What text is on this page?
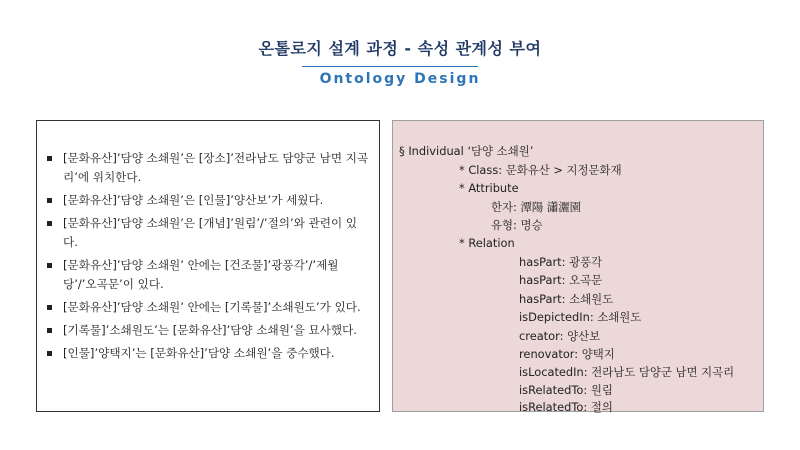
온톨로지 설계 과정 - 속성 관계성 부여
Ontology Design
[문화유산]’담양 소쇄원’은 [장소]’전라남도 담양군 남면 지곡리’에 위치한다.
[문화유산]’담양 소쇄원’은 [인물]’양산보’가 세웠다.
[문화유산]’담양 소쇄원’은 [개념]’원림’/’절의’와 관련이 있다.
[문화유산]’담양 소쇄원’ 안에는 [건조물]’광풍각’/’제월당’/’오곡문’이 있다.
[문화유산]’담양 소쇄원’ 안에는 [기록물]’소쇄원도’가 있다.
[기록물]’소쇄원도’는 [문화유산]’담양 소쇄원’을 묘사했다.
[인물]’양택지’는 [문화유산]’담양 소쇄원’을 중수했다.
§ Individual ‘담양 소쇄원’
* Class: 문화유산 > 지정문화재
* Attribute
한자: 潭陽 瀟灑園
유형: 명승
* Relation
hasPart: 광풍각
hasPart: 오곡문
hasPart: 소쇄원도
isDepictedIn: 소쇄원도
creator: 양산보
renovator: 양택지
isLocatedIn: 전라남도 담양군 남면 지곡리
isRelatedTo: 원림
isRelatedTo: 절의
